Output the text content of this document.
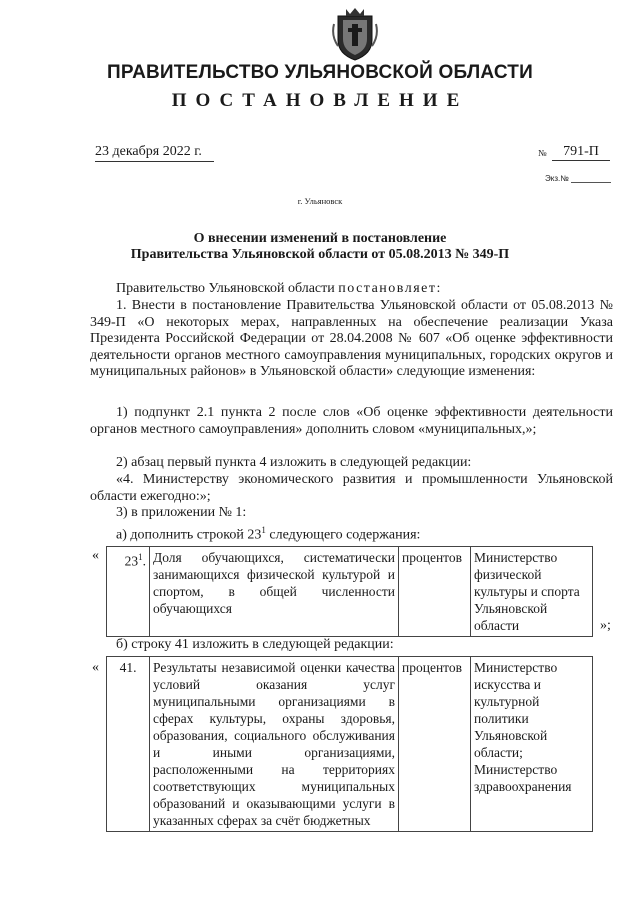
ПРАВИТЕЛЬСТВО УЛЬЯНОВСКОЙ ОБЛАСТИ
ПОСТАНОВЛЕНИЕ
23 декабря 2022 г.	№	791-П
Экз.№
г. Ульяновск
О внесении изменений в постановление
Правительства Ульяновской области от 05.08.2013 № 349-П
Правительство Ульяновской области постановляет:
1. Внести в постановление Правительства Ульяновской области от 05.08.2013 № 349-П «О некоторых мерах, направленных на обеспечение реализации Указа Президента Российской Федерации от 28.04.2008 № 607 «Об оценке эффективности деятельности органов местного самоуправления муниципальных, городских округов и муниципальных районов» в Ульяновской области» следующие изменения:
1) подпункт 2.1 пункта 2 после слов «Об оценке эффективности деятельности органов местного самоуправления» дополнить словом «муниципальных,»;
2) абзац первый пункта 4 изложить в следующей редакции:
«4. Министерству экономического развития и промышленности Ульяновской области ежегодно:»;
3) в приложении № 1:
а) дополнить строкой $23^1$ следующего содержания:
« $23^1$.	Доля обучающихся, систематически занимающихся физической культурой и спортом, в общей численности обучающихся	процентов	Министерство физической культуры и спорта Ульяновской области	»;
б) строку 41 изложить в следующей редакции:
« 41.	Результаты независимой оценки качества условий оказания услуг муниципальными организациями в сферах культуры, охраны здоровья, образования, социального обслуживания и иными организациями, расположенными на территориях соответствующих муниципальных образований и оказывающими услуги в указанных сферах за счёт бюджетных	процентов	Министерство искусства и культурной политики Ульяновской области; Министерство здравоохранения
